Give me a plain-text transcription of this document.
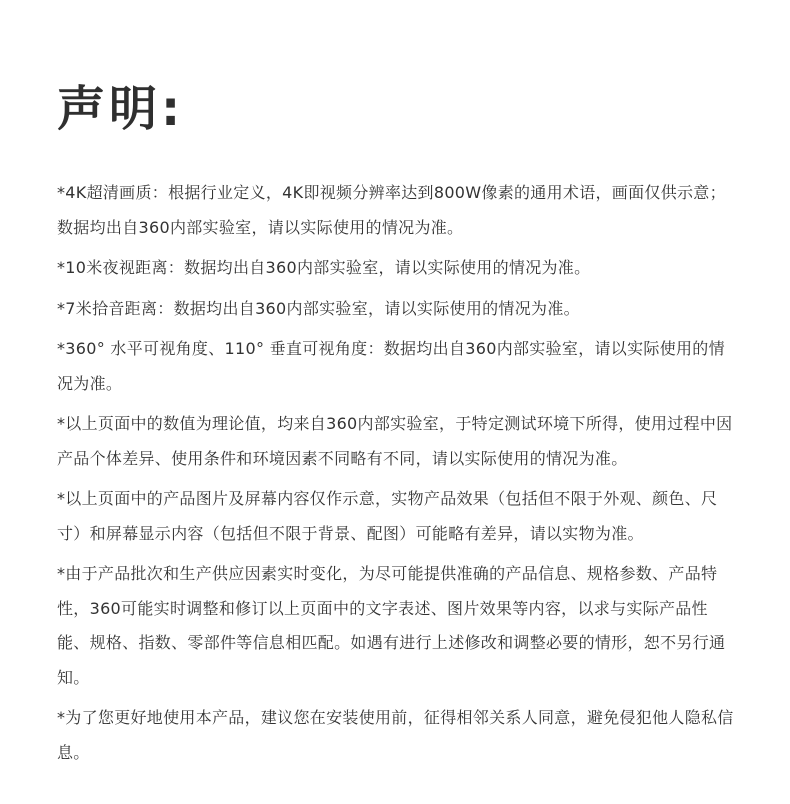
声明:

*4K超清画质：根据行业定义，4K即视频分辨率达到800W像素的通用术语，画面仅供示意；数据均出自360内部实验室，请以实际使用的情况为准。

*10米夜视距离：数据均出自360内部实验室，请以实际使用的情况为准。

*7米拾音距离：数据均出自360内部实验室，请以实际使用的情况为准。

*360° 水平可视角度、110° 垂直可视角度：数据均出自360内部实验室，请以实际使用的情况为准。

*以上页面中的数值为理论值，均来自360内部实验室，于特定测试环境下所得，使用过程中因产品个体差异、使用条件和环境因素不同略有不同，请以实际使用的情况为准。

*以上页面中的产品图片及屏幕内容仅作示意，实物产品效果（包括但不限于外观、颜色、尺寸）和屏幕显示内容（包括但不限于背景、配图）可能略有差异，请以实物为准。

*由于产品批次和生产供应因素实时变化，为尽可能提供准确的产品信息、规格参数、产品特性，360可能实时调整和修订以上页面中的文字表述、图片效果等内容，以求与实际产品性能、规格、指数、零部件等信息相匹配。如遇有进行上述修改和调整必要的情形，恕不另行通知。

*为了您更好地使用本产品，建议您在安装使用前，征得相邻关系人同意，避免侵犯他人隐私信息。
